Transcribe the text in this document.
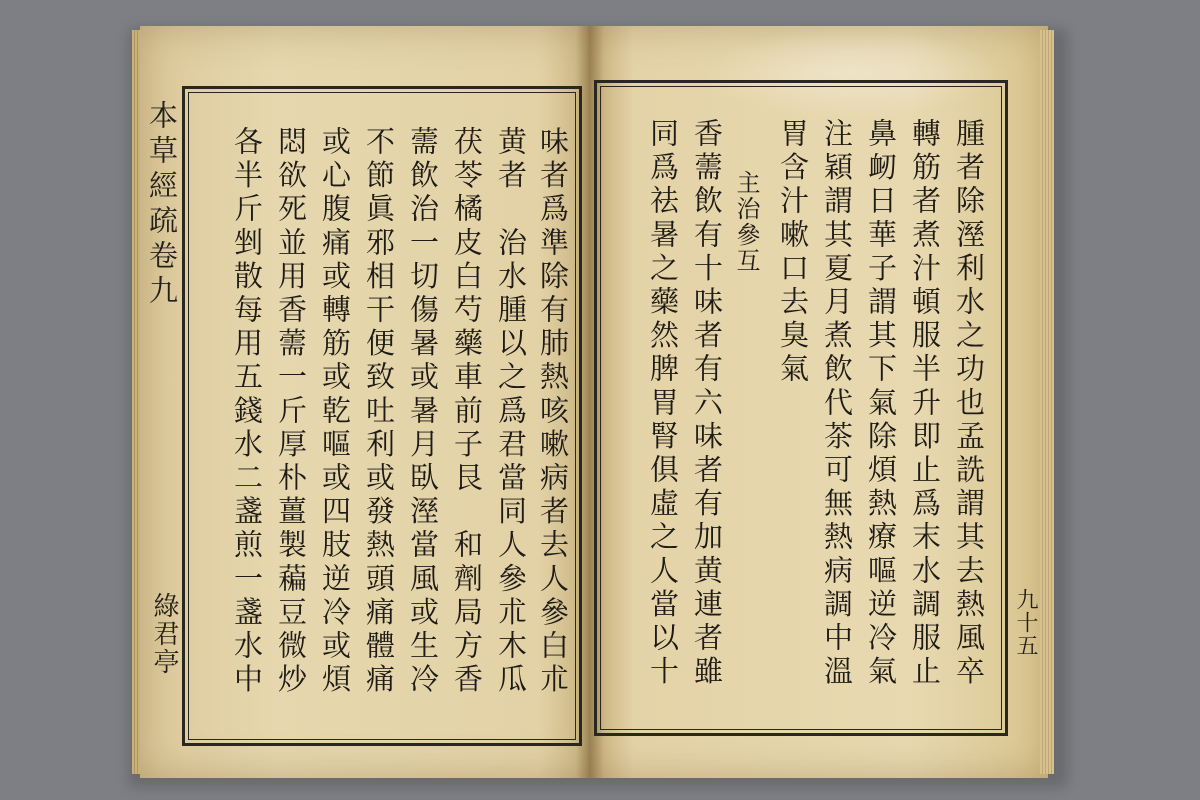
本草經疏卷九
綠君亭	味者爲準除有肺熱咳嗽病者去人參白朮
黄者　治水腫以之爲君當同人參朮木瓜
茯苓橘皮白芍藥車前子艮　和劑局方香
薷飲治一切傷暑或暑月臥溼當風或生冷
不節眞邪相干便致吐利或發熱頭痛體痛
或心腹痛或轉筋或乾嘔或四肢逆冷或煩
悶欲死並用香薷一斤厚朴薑製藊豆微炒
各半斤剉散每用五錢水二盞煎一盞水中	腫者除溼利水之功也孟詵謂其去熱風卒
轉筋者煮汁頓服半升即止爲末水調服止
鼻衂日華子謂其下氣除煩熱療嘔逆冷氣
注穎謂其夏月煮飲代茶可無熱病調中溫
胃含汁嗽口去臭氣
主治參互
香薷飲有十味者有六味者有加黄連者雖
同爲祛暑之藥然脾胃腎俱虛之人當以十	九十五
